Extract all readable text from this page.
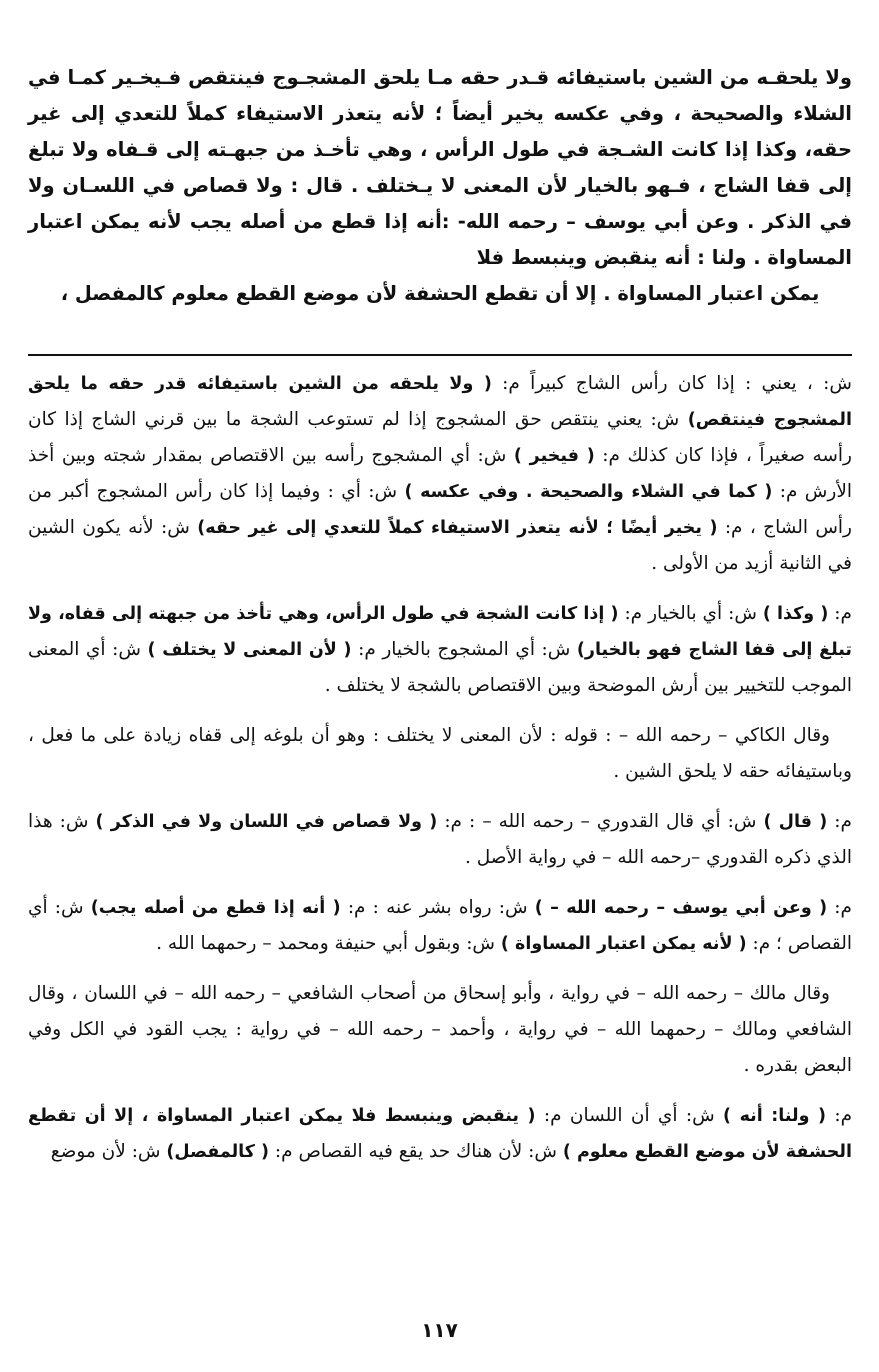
ولا يلحقـه من الشين باستيفائه قـدر حقه مـا يلحق المشجـوج فينتقص فـيخـير كمـا في الشلاء والصحيحة ، وفي عكسه يخير أيضاً ؛ لأنه يتعذر الاستيفاء كملاً للتعدي إلى غير حقه، وكذا إذا كانت الشـجة في طول الرأس ، وهي تأخـذ من جبهـته إلى قـفاه ولا تبلغ إلى قفا الشاج ، فـهو بالخيار لأن المعنى لا يـختلف . قال : ولا قصاص في اللسـان ولا في الذكر . وعن أبي يوسف – رحمه الله- :أنه إذا قطع من أصله يجب لأنه يمكن اعتبار المساواة . ولنا : أنه ينقبض وينبسط فلا
يمكن اعتبار المساواة . إلا أن تقطع الحشفة لأن موضع القطع معلوم كالمفصل ،

ش: ، يعني : إذا كان رأس الشاج كبيراً م: ( ولا يلحقه من الشين باستيفائه قدر حقه ما يلحق المشجوج فينتقص) ش: يعني ينتقص حق المشجوج إذا لم تستوعب الشجة ما بين قرني الشاج إذا كان رأسه صغيراً ، فإذا كان كذلك م: ( فيخير ) ش: أي المشجوج رأسه بين الاقتصاص بمقدار شجته وبين أخذ الأرش م: ( كما في الشلاء والصحيحة . وفي عكسه ) ش: أي : وفيما إذا كان رأس المشجوج أكبر من رأس الشاج ، م: ( يخير أيضًا ؛ لأنه يتعذر الاستيفاء كملاً للتعدي إلى غير حقه) ش: لأنه يكون الشين في الثانية أزيد من الأولى .

م: ( وكذا ) ش: أي بالخيار م: ( إذا كانت الشجة في طول الرأس، وهي تأخذ من جبهته إلى قفاه، ولا تبلغ إلى قفا الشاج فهو بالخيار) ش: أي المشجوج بالخيار م: ( لأن المعنى لا يختلف ) ش: أي المعنى الموجب للتخيير بين أرش الموضحة وبين الاقتصاص بالشجة لا يختلف .

وقال الكاكي – رحمه الله – : قوله : لأن المعنى لا يختلف : وهو أن بلوغه إلى قفاه زيادة على ما فعل ، وباستيفائه حقه لا يلحق الشين .

م: ( قال ) ش: أي قال القدوري – رحمه الله – : م: ( ولا قصاص في اللسان ولا في الذكر ) ش: هذا الذي ذكره القدوري –رحمه الله – في رواية الأصل .

م: ( وعن أبي يوسف – رحمه الله – ) ش: رواه بشر عنه : م: ( أنه إذا قطع من أصله يجب) ش: أي القصاص ؛ م: ( لأنه يمكن اعتبار المساواة ) ش: وبقول أبي حنيفة ومحمد – رحمهما الله .

وقال مالك – رحمه الله – في رواية ، وأبو إسحاق من أصحاب الشافعي – رحمه الله – في اللسان ، وقال الشافعي ومالك – رحمهما الله – في رواية ، وأحمد – رحمه الله – في رواية : يجب القود في الكل وفي البعض بقدره .

م: ( ولنا: أنه ) ش: أي أن اللسان م: ( ينقبض وينبسط فلا يمكن اعتبار المساواة ، إلا أن تقطع الحشفة لأن موضع القطع معلوم ) ش: لأن هناك حد يقع فيه القصاص م: ( كالمفصل) ش: لأن موضع

١١٧
